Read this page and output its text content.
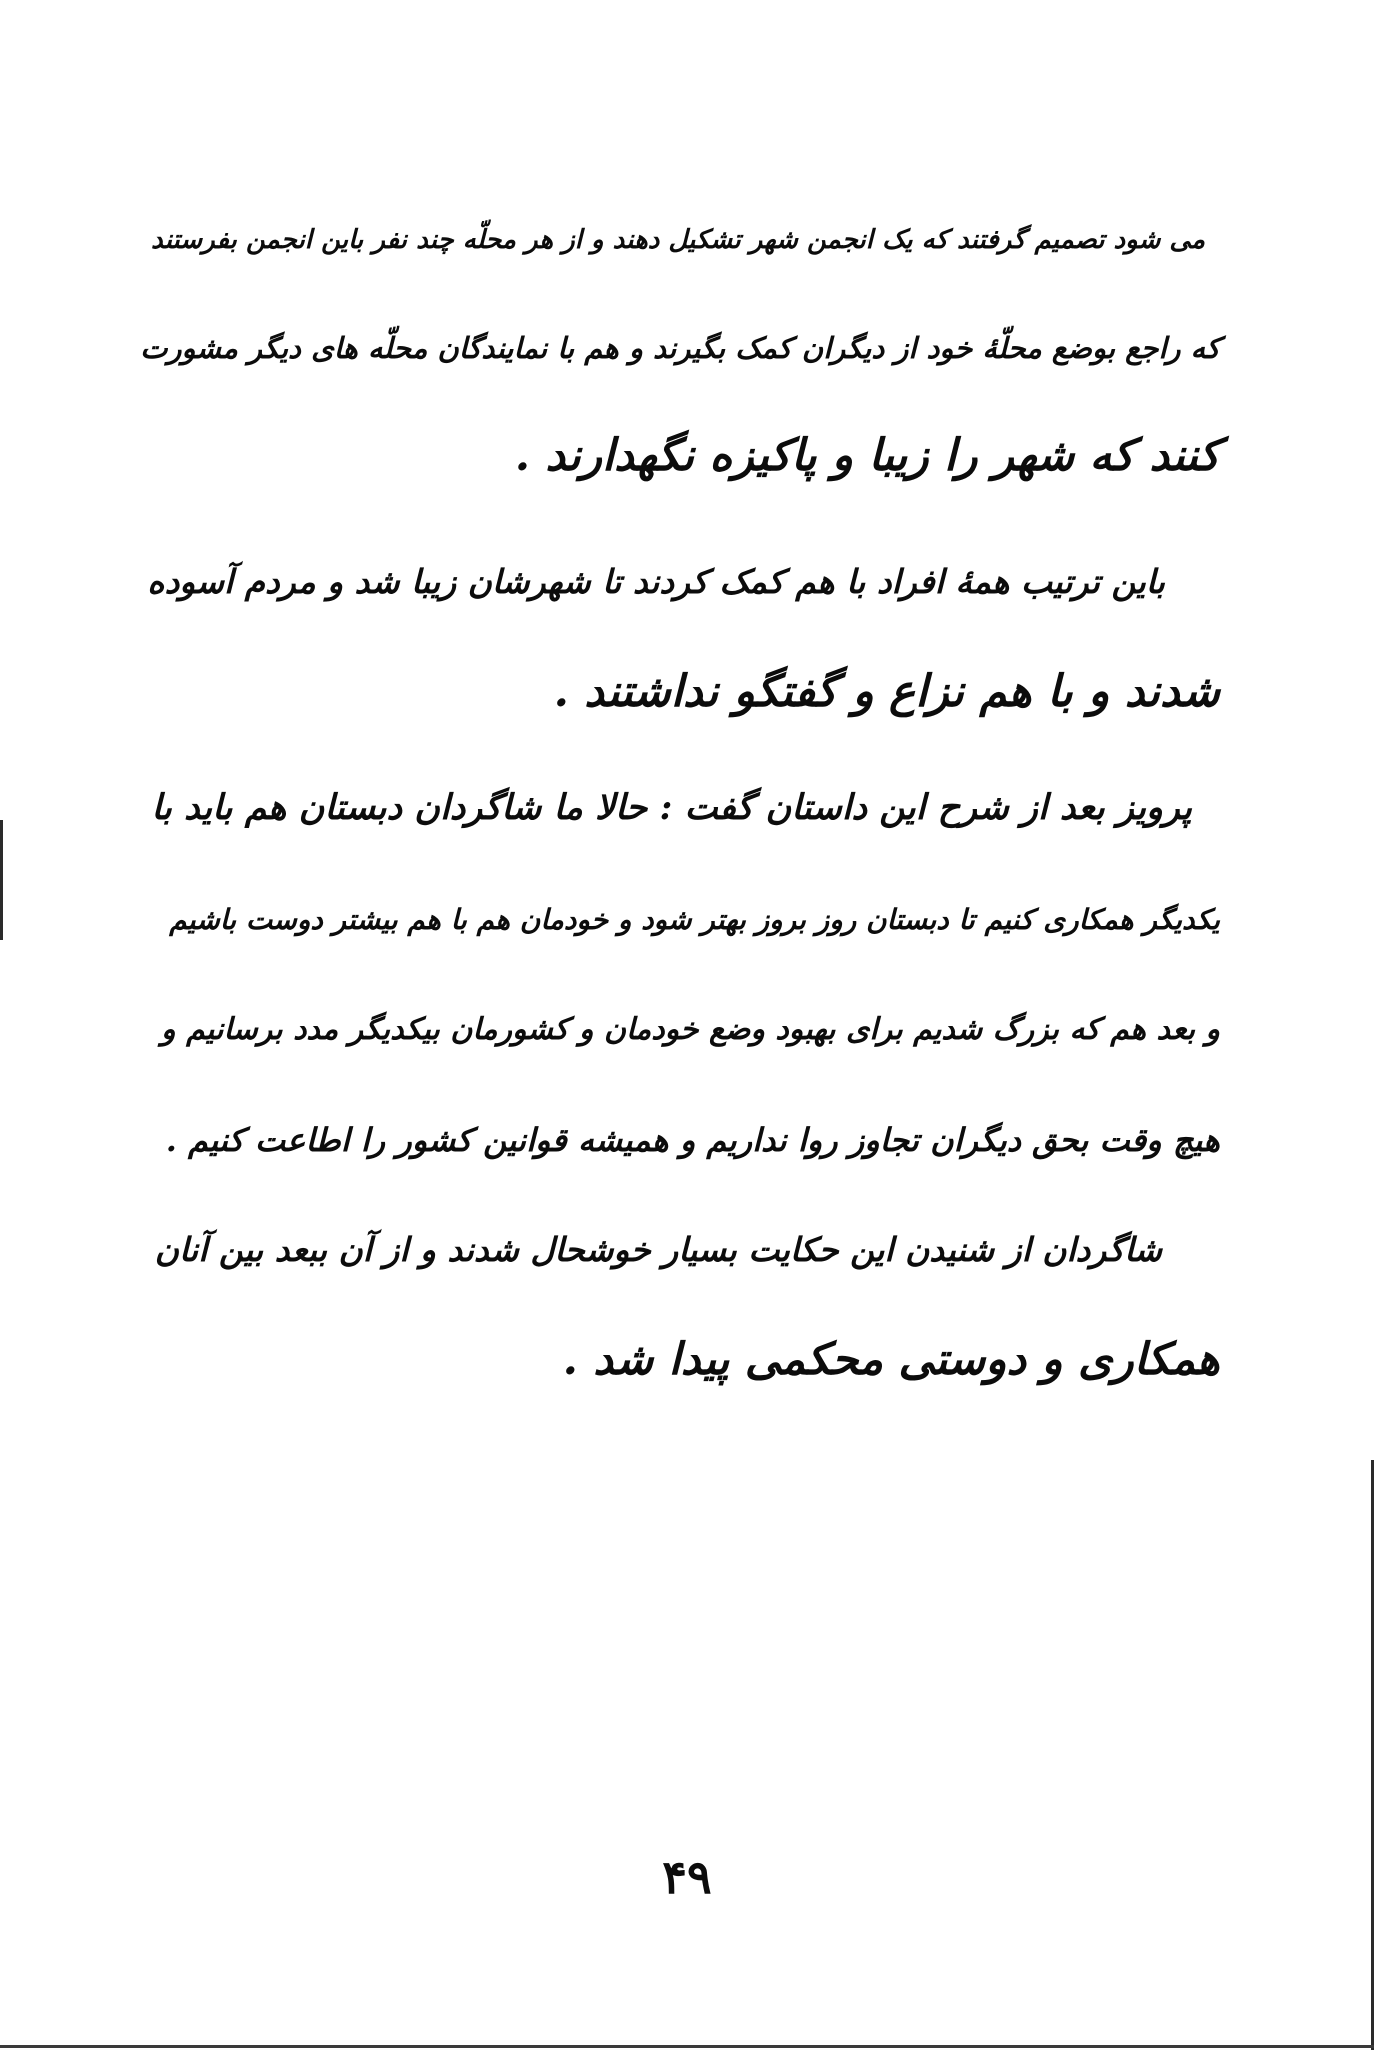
می شود تصمیم گرفتند که یک انجمن شهر تشکیل دهند و از هر محلّه چند نفر باین انجمن بفرستند
که راجع بوضع محلّهٔ خود از دیگران کمک بگیرند و هم با نمایندگان محلّه های دیگر مشورت
کنند که شهر را زیبا و پاکیزه نگهدارند .
باین ترتیب همهٔ افراد با هم کمک کردند تا شهرشان زیبا شد و مردم آسوده
شدند و با هم نزاع و گفتگو نداشتند .
پرویز بعد از شرح این داستان گفت : حالا ما شاگردان دبستان هم باید با
یکدیگر همکاری کنیم تا دبستان روز بروز بهتر شود و خودمان هم با هم بیشتر دوست باشیم
و بعد هم که بزرگ شدیم برای بهبود وضع خودمان و کشورمان بیکدیگر مدد برسانیم و
هیچ وقت بحق دیگران تجاوز روا نداریم و همیشه قوانین کشور را اطاعت کنیم .
شاگردان از شنیدن این حکایت بسیار خوشحال شدند و از آن ببعد بین آنان
همکاری و دوستی محکمی پیدا شد .
۴۹
